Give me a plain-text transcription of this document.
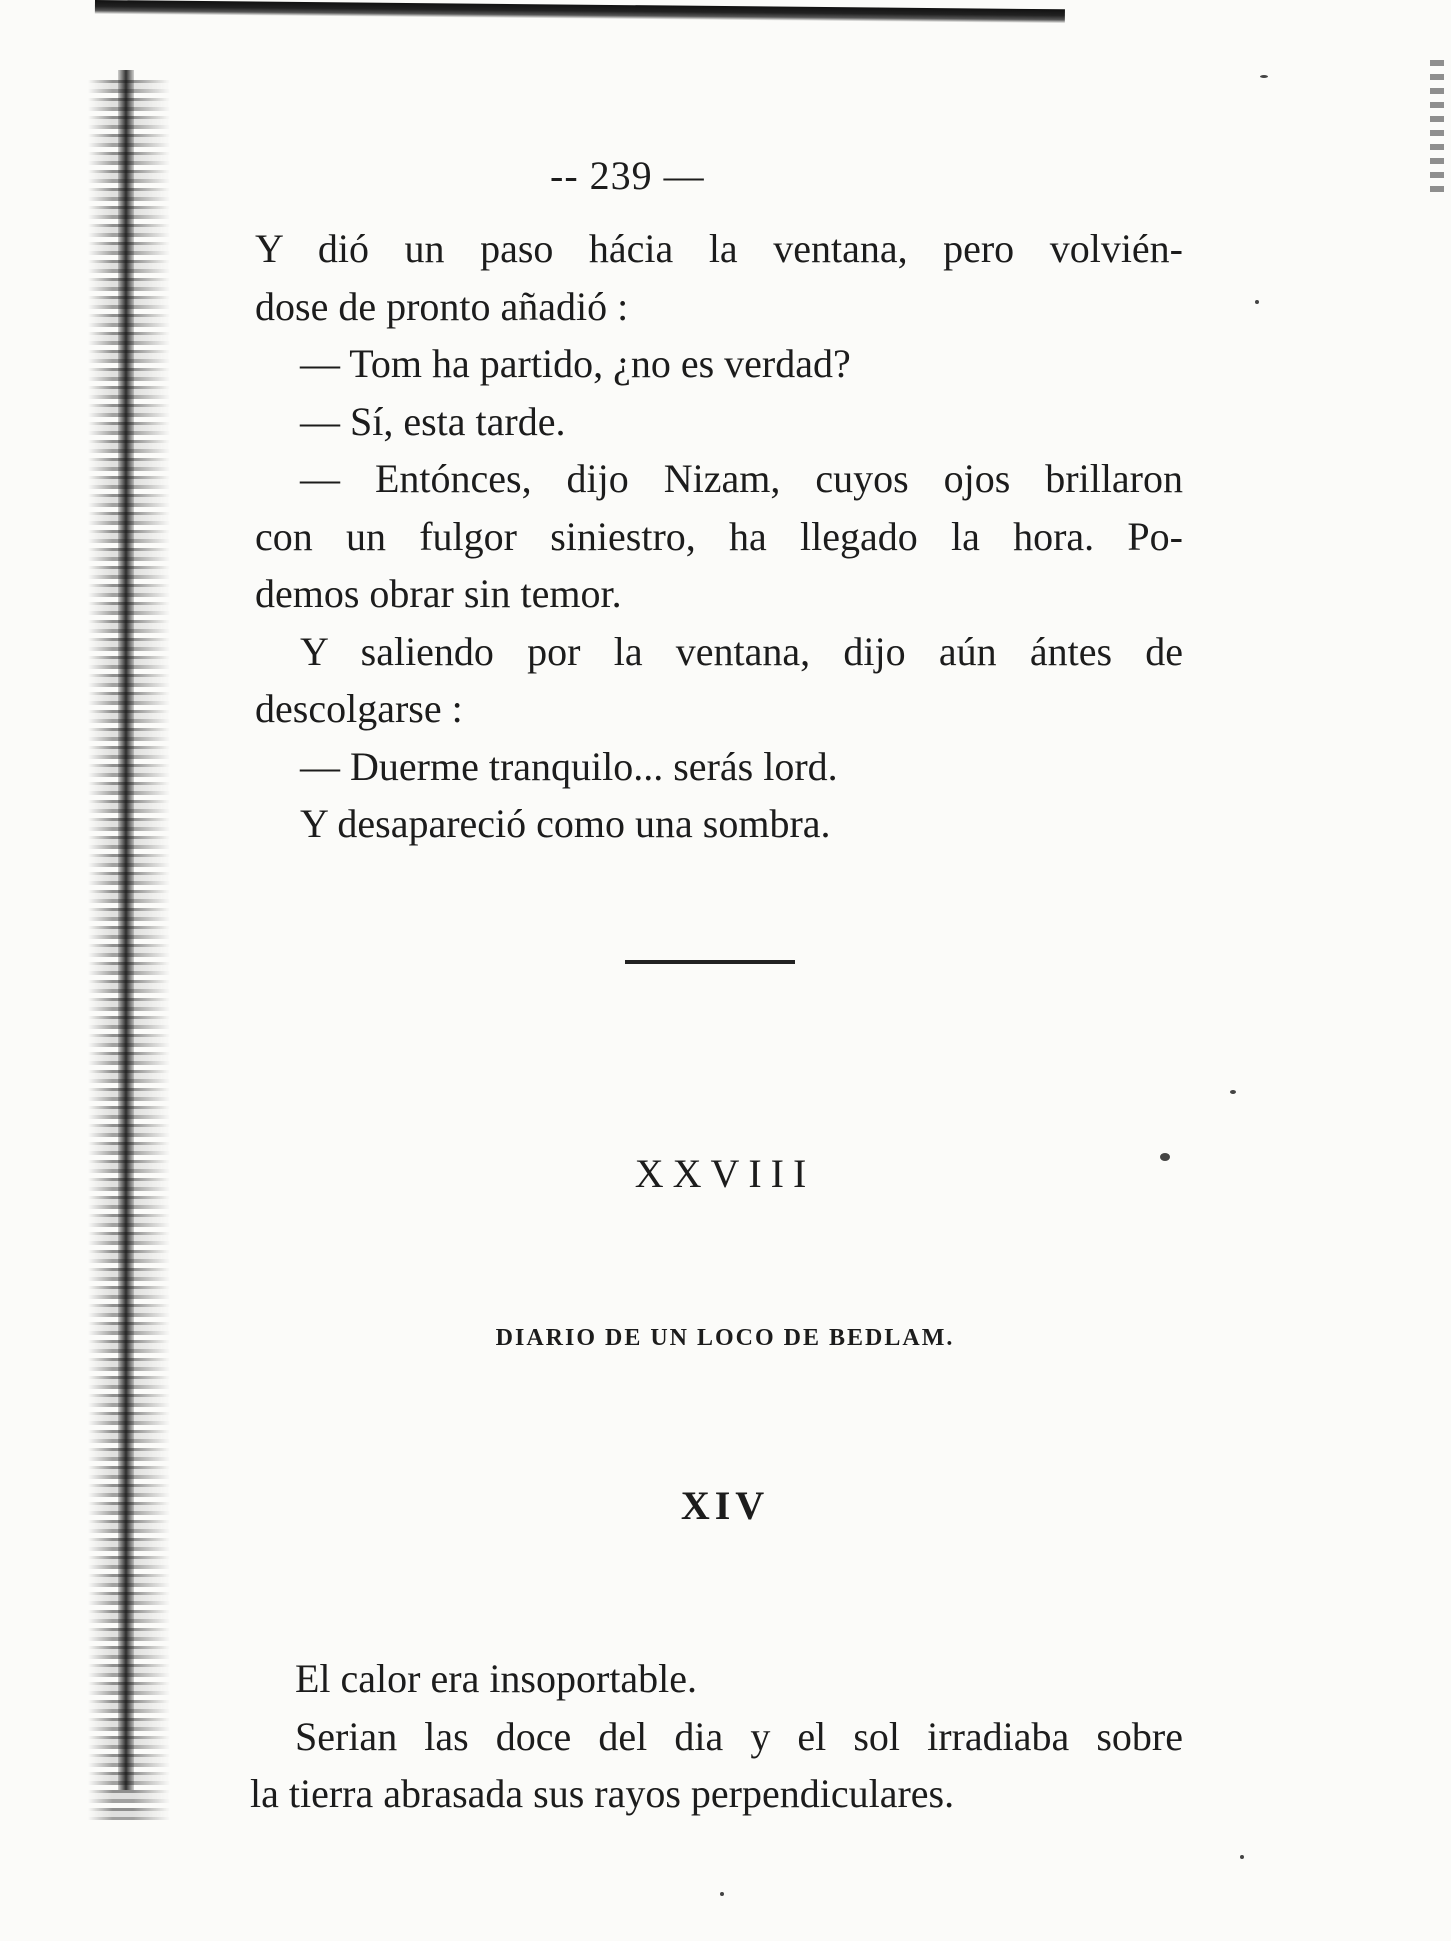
-- 239 —
Y dió un paso hácia la ventana, pero volvién-
dose de pronto añadió :
— Tom ha partido, ¿no es verdad?
— Sí, esta tarde.
— Entónces, dijo Nizam, cuyos ojos brillaron
con un fulgor siniestro, ha llegado la hora. Po-
demos obrar sin temor.
Y saliendo por la ventana, dijo aún ántes de
descolgarse :
— Duerme tranquilo... serás lord.
Y desapareció como una sombra.
XXVIII
DIARIO DE UN LOCO DE BEDLAM.
XIV
El calor era insoportable.
Serian las doce del dia y el sol irradiaba sobre
la tierra abrasada sus rayos perpendiculares.
